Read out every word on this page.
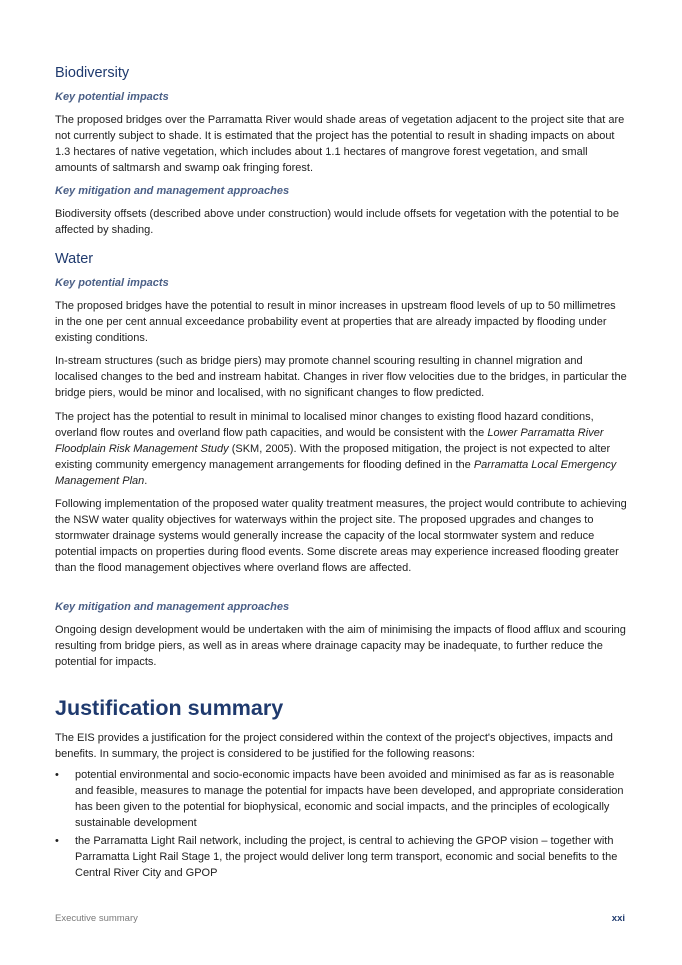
Biodiversity

Key potential impacts

The proposed bridges over the Parramatta River would shade areas of vegetation adjacent to the project site that are not currently subject to shade. It is estimated that the project has the potential to result in shading impacts on about 1.3 hectares of native vegetation, which includes about 1.1 hectares of mangrove forest vegetation, and small amounts of saltmarsh and swamp oak fringing forest.

Key mitigation and management approaches

Biodiversity offsets (described above under construction) would include offsets for vegetation with the potential to be affected by shading.

Water

Key potential impacts

The proposed bridges have the potential to result in minor increases in upstream flood levels of up to 50 millimetres in the one per cent annual exceedance probability event at properties that are already impacted by flooding under existing conditions.

In-stream structures (such as bridge piers) may promote channel scouring resulting in channel migration and localised changes to the bed and instream habitat. Changes in river flow velocities due to the bridges, in particular the bridge piers, would be minor and localised, with no significant changes to flow predicted.

The project has the potential to result in minimal to localised minor changes to existing flood hazard conditions, overland flow routes and overland flow path capacities, and would be consistent with the Lower Parramatta River Floodplain Risk Management Study (SKM, 2005). With the proposed mitigation, the project is not expected to alter existing community emergency management arrangements for flooding defined in the Parramatta Local Emergency Management Plan.

Following implementation of the proposed water quality treatment measures, the project would contribute to achieving the NSW water quality objectives for waterways within the project site. The proposed upgrades and changes to stormwater drainage systems would generally increase the capacity of the local stormwater system and reduce potential impacts on properties during flood events. Some discrete areas may experience increased flooding greater than the flood management objectives where overland flows are affected.

Key mitigation and management approaches

Ongoing design development would be undertaken with the aim of minimising the impacts of flood afflux and scouring resulting from bridge piers, as well as in areas where drainage capacity may be inadequate, to further reduce the potential for impacts.

Justification summary

The EIS provides a justification for the project considered within the context of the project's objectives, impacts and benefits. In summary, the project is considered to be justified for the following reasons:

•	potential environmental and socio-economic impacts have been avoided and minimised as far as is reasonable and feasible, measures to manage the potential for impacts have been developed, and appropriate consideration has been given to the potential for biophysical, economic and social impacts, and the principles of ecologically sustainable development
•	the Parramatta Light Rail network, including the project, is central to achieving the GPOP vision – together with Parramatta Light Rail Stage 1, the project would deliver long term transport, economic and social benefits to the Central River City and GPOP
Executive summary	xxi
